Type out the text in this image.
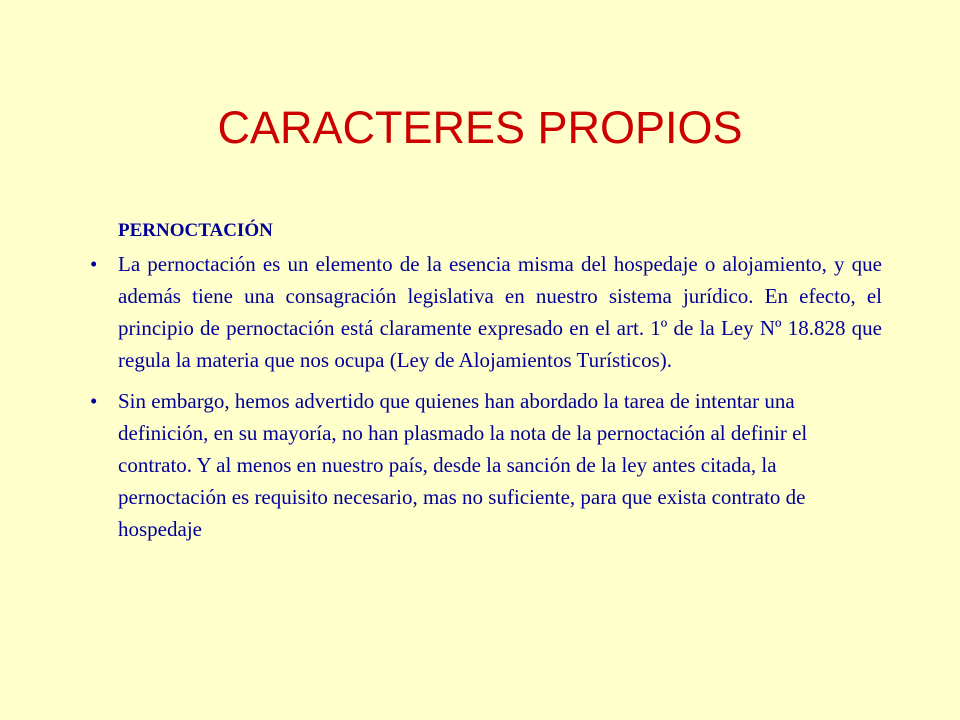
CARACTERES PROPIOS
PERNOCTACIÓN
• La pernoctación es un elemento de la esencia misma del hospedaje o alojamiento, y que además tiene una consagración legislativa en nuestro sistema jurídico. En efecto, el principio de pernoctación está claramente expresado en el art. 1º de la Ley Nº 18.828 que regula la materia que nos ocupa (Ley de Alojamientos Turísticos).
• Sin embargo, hemos advertido que quienes han abordado la tarea de intentar una definición, en su mayoría, no han plasmado la nota de la pernoctación al definir el contrato. Y al menos en nuestro país, desde la sanción de la ley antes citada, la pernoctación es requisito necesario, mas no suficiente, para que exista contrato de hospedaje
